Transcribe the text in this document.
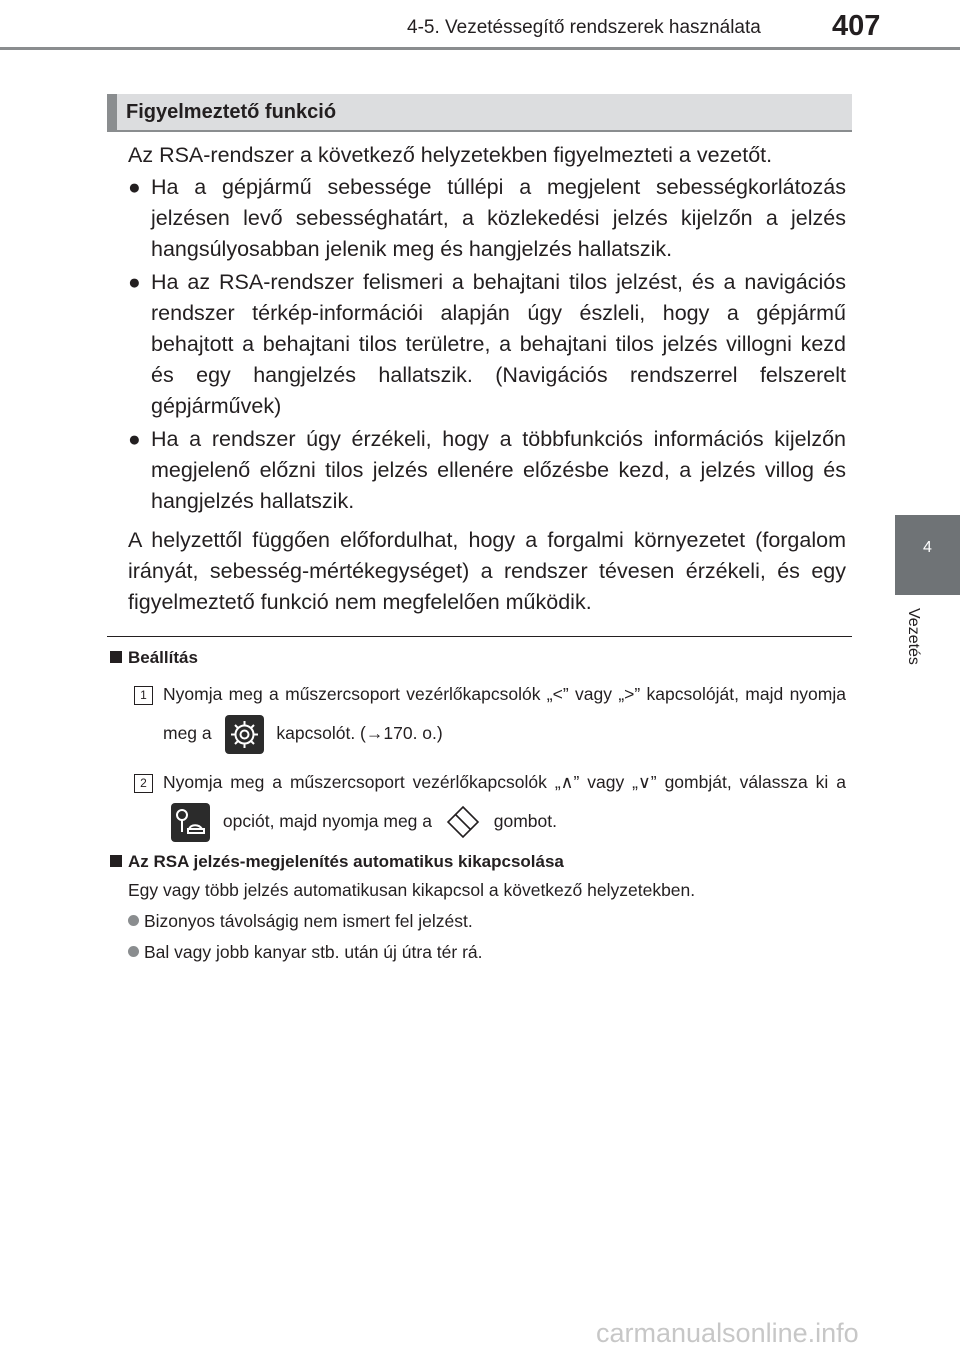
4-5. Vezetéssegítő rendszerek használata 407
4
Vezetés
Figyelmeztető funkció
Az RSA-rendszer a következő helyzetekben figyelmezteti a vezetőt.
● Ha a gépjármű sebessége túllépi a megjelent sebességkorlátozás jelzésen levő sebességhatárt, a közlekedési jelzés kijelzőn a jelzés hangsúlyosabban jelenik meg és hangjelzés hallatszik.
● Ha az RSA-rendszer felismeri a behajtani tilos jelzést, és a navigációs rendszer térkép-információi alapján úgy észleli, hogy a gépjármű behajtott a behajtani tilos területre, a behajtani tilos jelzés villogni kezd és egy hangjelzés hallatszik. (Navigációs rendszerrel felszerelt gépjárművek)
● Ha a rendszer úgy érzékeli, hogy a többfunkciós információs kijelzőn megjelenő előzni tilos jelzés ellenére előzésbe kezd, a jelzés villog és hangjelzés hallatszik.
A helyzettől függően előfordulhat, hogy a forgalmi környezetet (forgalom irányát, sebesség-mértékegységet) a rendszer tévesen érzékeli, és egy figyelmeztető funkció nem megfelelően működik.
Beállítás
1 Nyomja meg a műszercsoport vezérlőkapcsolók „<” vagy „>” kapcsolóját, majd nyomja meg a	kapcsolót. (→170. o.)
2 Nyomja meg a műszercsoport vezérlőkapcsolók „∧” vagy „∨” gombját, válassza ki a
opciót, majd nyomja meg a	gombot.
Az RSA jelzés-megjelenítés automatikus kikapcsolása
Egy vagy több jelzés automatikusan kikapcsol a következő helyzetekben.
Bizonyos távolságig nem ismert fel jelzést.
Bal vagy jobb kanyar stb. után új útra tér rá.
carmanualsonline.info
